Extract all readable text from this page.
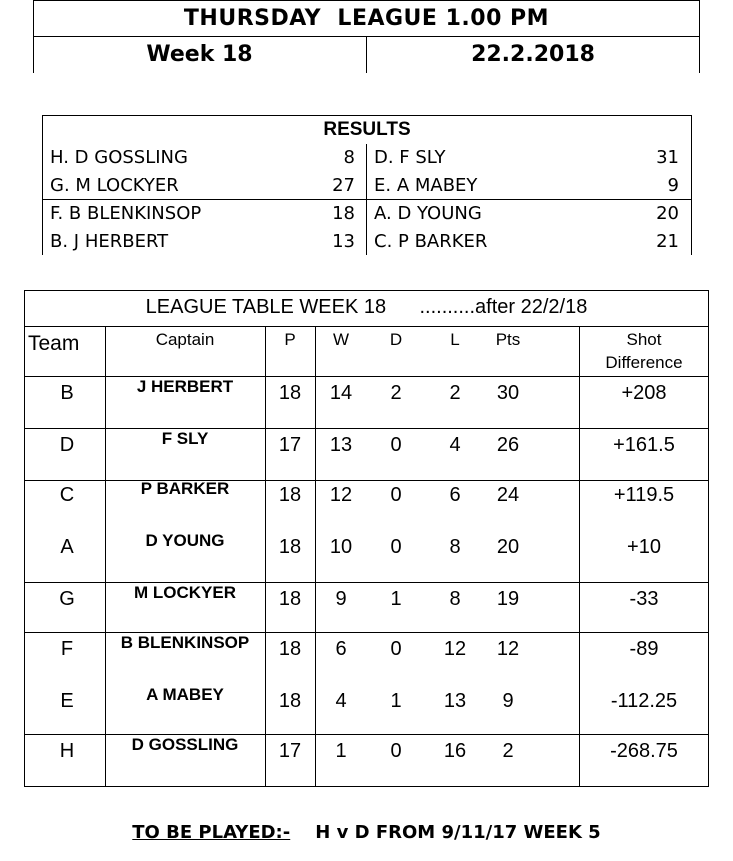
THURSDAY  LEAGUE 1.00 PM
Week 18	22.2.2018
RESULTS
H. D GOSSLING	8 D. F SLY	31
G. M LOCKYER	27 E. A MABEY	9
F. B BLENKINSOP	18 A. D YOUNG	20
B. J HERBERT	13 C. P BARKER	21
LEAGUE TABLE WEEK 18      ..........after 22/2/18
Team	Captain	P	W	D	L	Pts	Shot
Difference
B	J HERBERT	18	14	2	2	30	+208
D	F SLY	17	13	0	4	26	+161.5
C	P BARKER	18	12	0	6	24	+119.5
A	D YOUNG	18	10	0	8	20	+10
G	M LOCKYER	18	9	1	8	19	-33
F	B BLENKINSOP	18	6	0	12	12	-89
E	A MABEY	18	4	1	13	9	-112.25
H	D GOSSLING	17	1	0	16	2	-268.75
TO BE PLAYED:-    H v D FROM 9/11/17 WEEK 5
